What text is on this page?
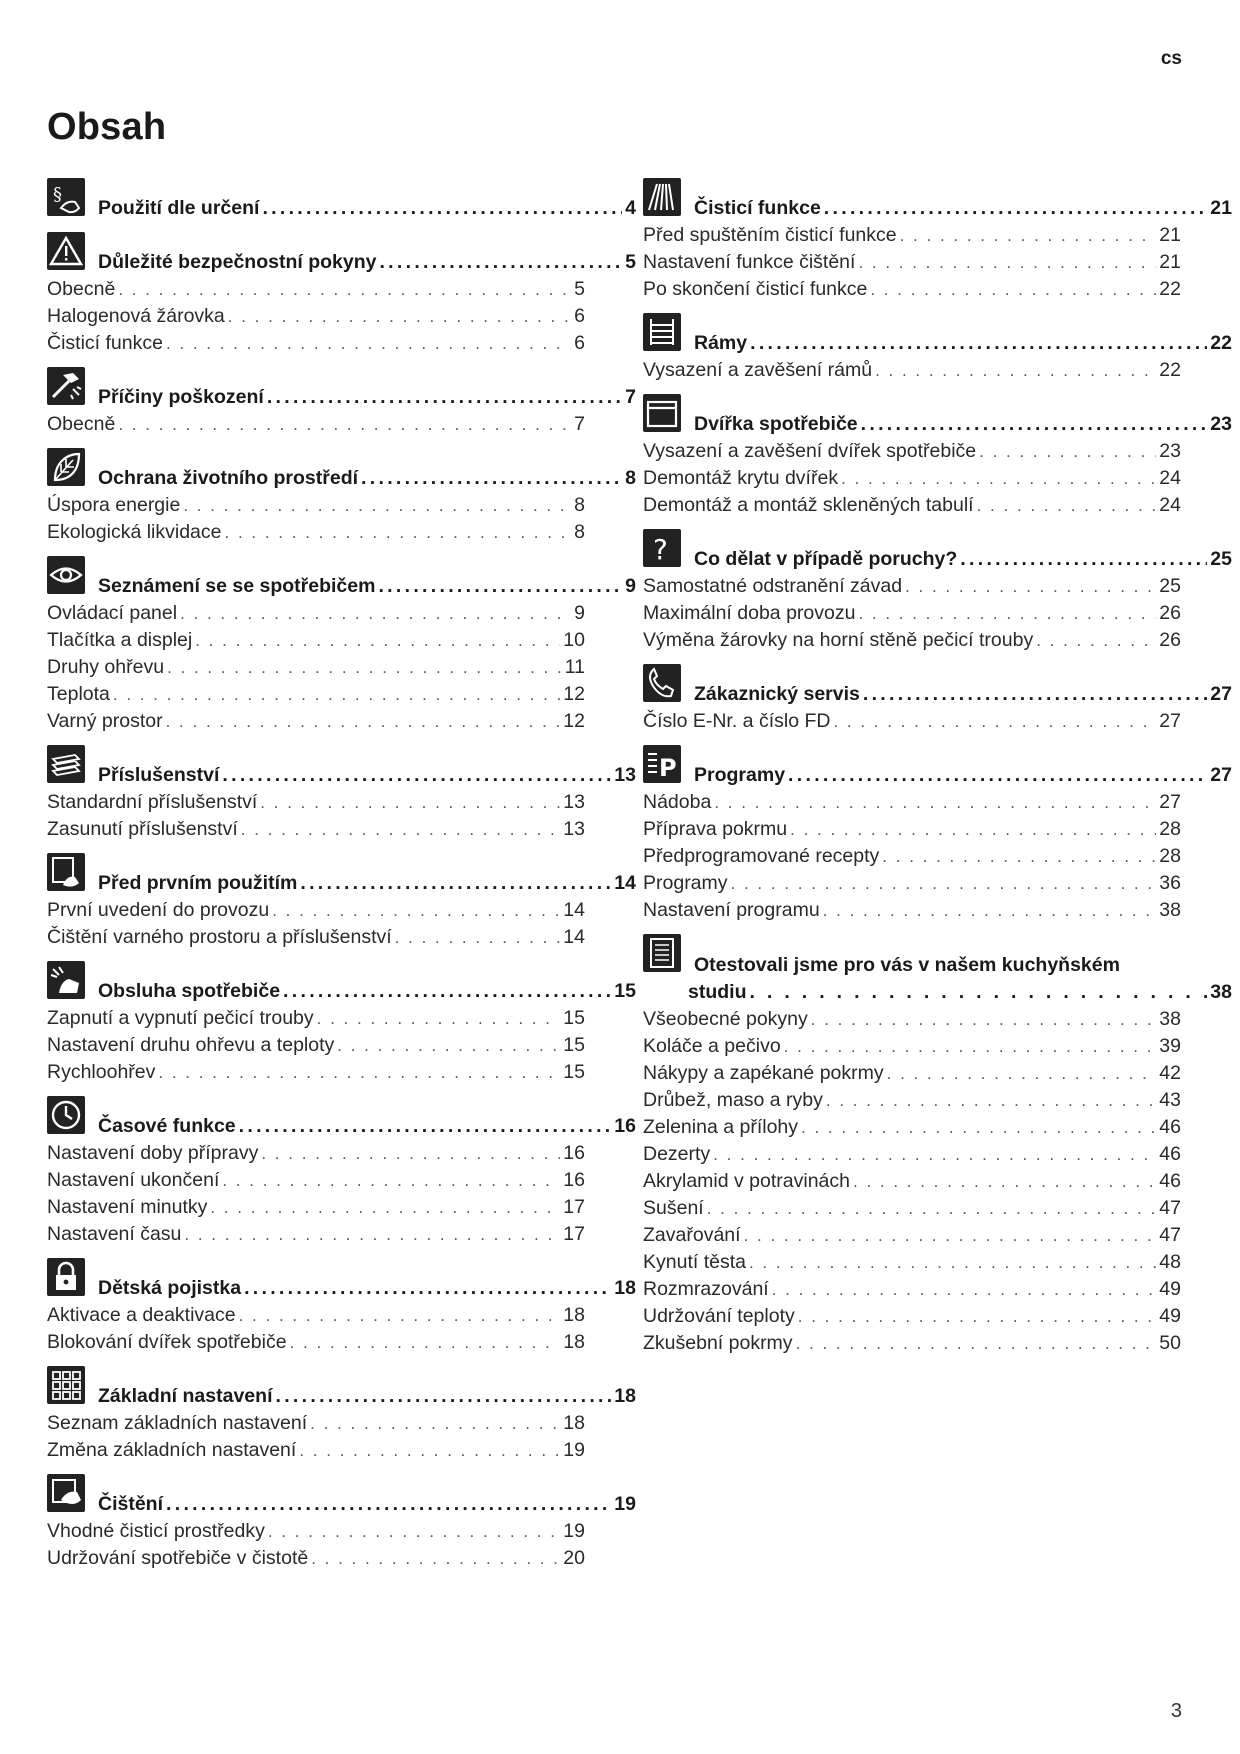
cs
Obsah
§
Použití dle určení .....	4
Důležité bezpečnostní pokyny .....	5
Obecně . . .	5
Halogenová žárovka . . .	6
Čisticí funkce . . .	6
Příčiny poškození .....	7
Obecně . . .	7
Ochrana životního prostředí .....	8
Úspora energie . . .	8
Ekologická likvidace . . .	8
Seznámení se se spotřebičem .....	9
Ovládací panel . . .	9
Tlačítka a displej . . .	10
Druhy ohřevu . . .	11
Teplota . . .	12
Varný prostor . . .	12
Příslušenství .....	13
Standardní příslušenství . . .	13
Zasunutí příslušenství . . .	13
Před prvním použitím .....	14
První uvedení do provozu . . .	14
Čištění varného prostoru a příslušenství . . .	14
Obsluha spotřebiče .....	15
Zapnutí a vypnutí pečicí trouby . . .	15
Nastavení druhu ohřevu a teploty . . .	15
Rychloohřev . . .	15
Časové funkce .....	16
Nastavení doby přípravy . . .	16
Nastavení ukončení . . .	16
Nastavení minutky . . .	17
Nastavení času . . .	17
Dětská pojistka .....	18
Aktivace a deaktivace . . .	18
Blokování dvířek spotřebiče . . .	18
Základní nastavení .....	18
Seznam základních nastavení . . .	18
Změna základních nastavení . . .	19
Čištění .....	19
Vhodné čisticí prostředky . . .	19
Udržování spotřebiče v čistotě . . .	20
Čisticí funkce .....	21
Před spuštěním čisticí funkce . . .	21
Nastavení funkce čištění . . .	21
Po skončení čisticí funkce . . .	22
Rámy .....	22
Vysazení a zavěšení rámů . . .	22
Dvířka spotřebiče .....	23
Vysazení a zavěšení dvířek spotřebiče . . .	23
Demontáž krytu dvířek . . .	24
Demontáž a montáž skleněných tabulí . . .	24
? Co dělat v případě poruchy? .....	25
Samostatné odstranění závad . . .	25
Maximální doba provozu . . .	26
Výměna žárovky na horní stěně pečicí trouby . . .	26
Zákaznický servis .....	27
Číslo E-Nr. a číslo FD . . .	27
P Programy .....	27
Nádoba . . .	27
Příprava pokrmu . . .	28
Předprogramované recepty . . .	28
Programy . . .	36
Nastavení programu . . .	38
Otestovali jsme pro vás v našem kuchyňském
studiu . . .	38
Všeobecné pokyny . . .	38
Koláče a pečivo . . .	39
Nákypy a zapékané pokrmy . . .	42
Drůbež, maso a ryby . . .	43
Zelenina a přílohy . . .	46
Dezerty . . .	46
Akrylamid v potravinách . . .	46
Sušení . . .	47
Zavařování . . .	47
Kynutí těsta . . .	48
Rozmrazování . . .	49
Udržování teploty . . .	49
Zkušební pokrmy . . .	50
3
